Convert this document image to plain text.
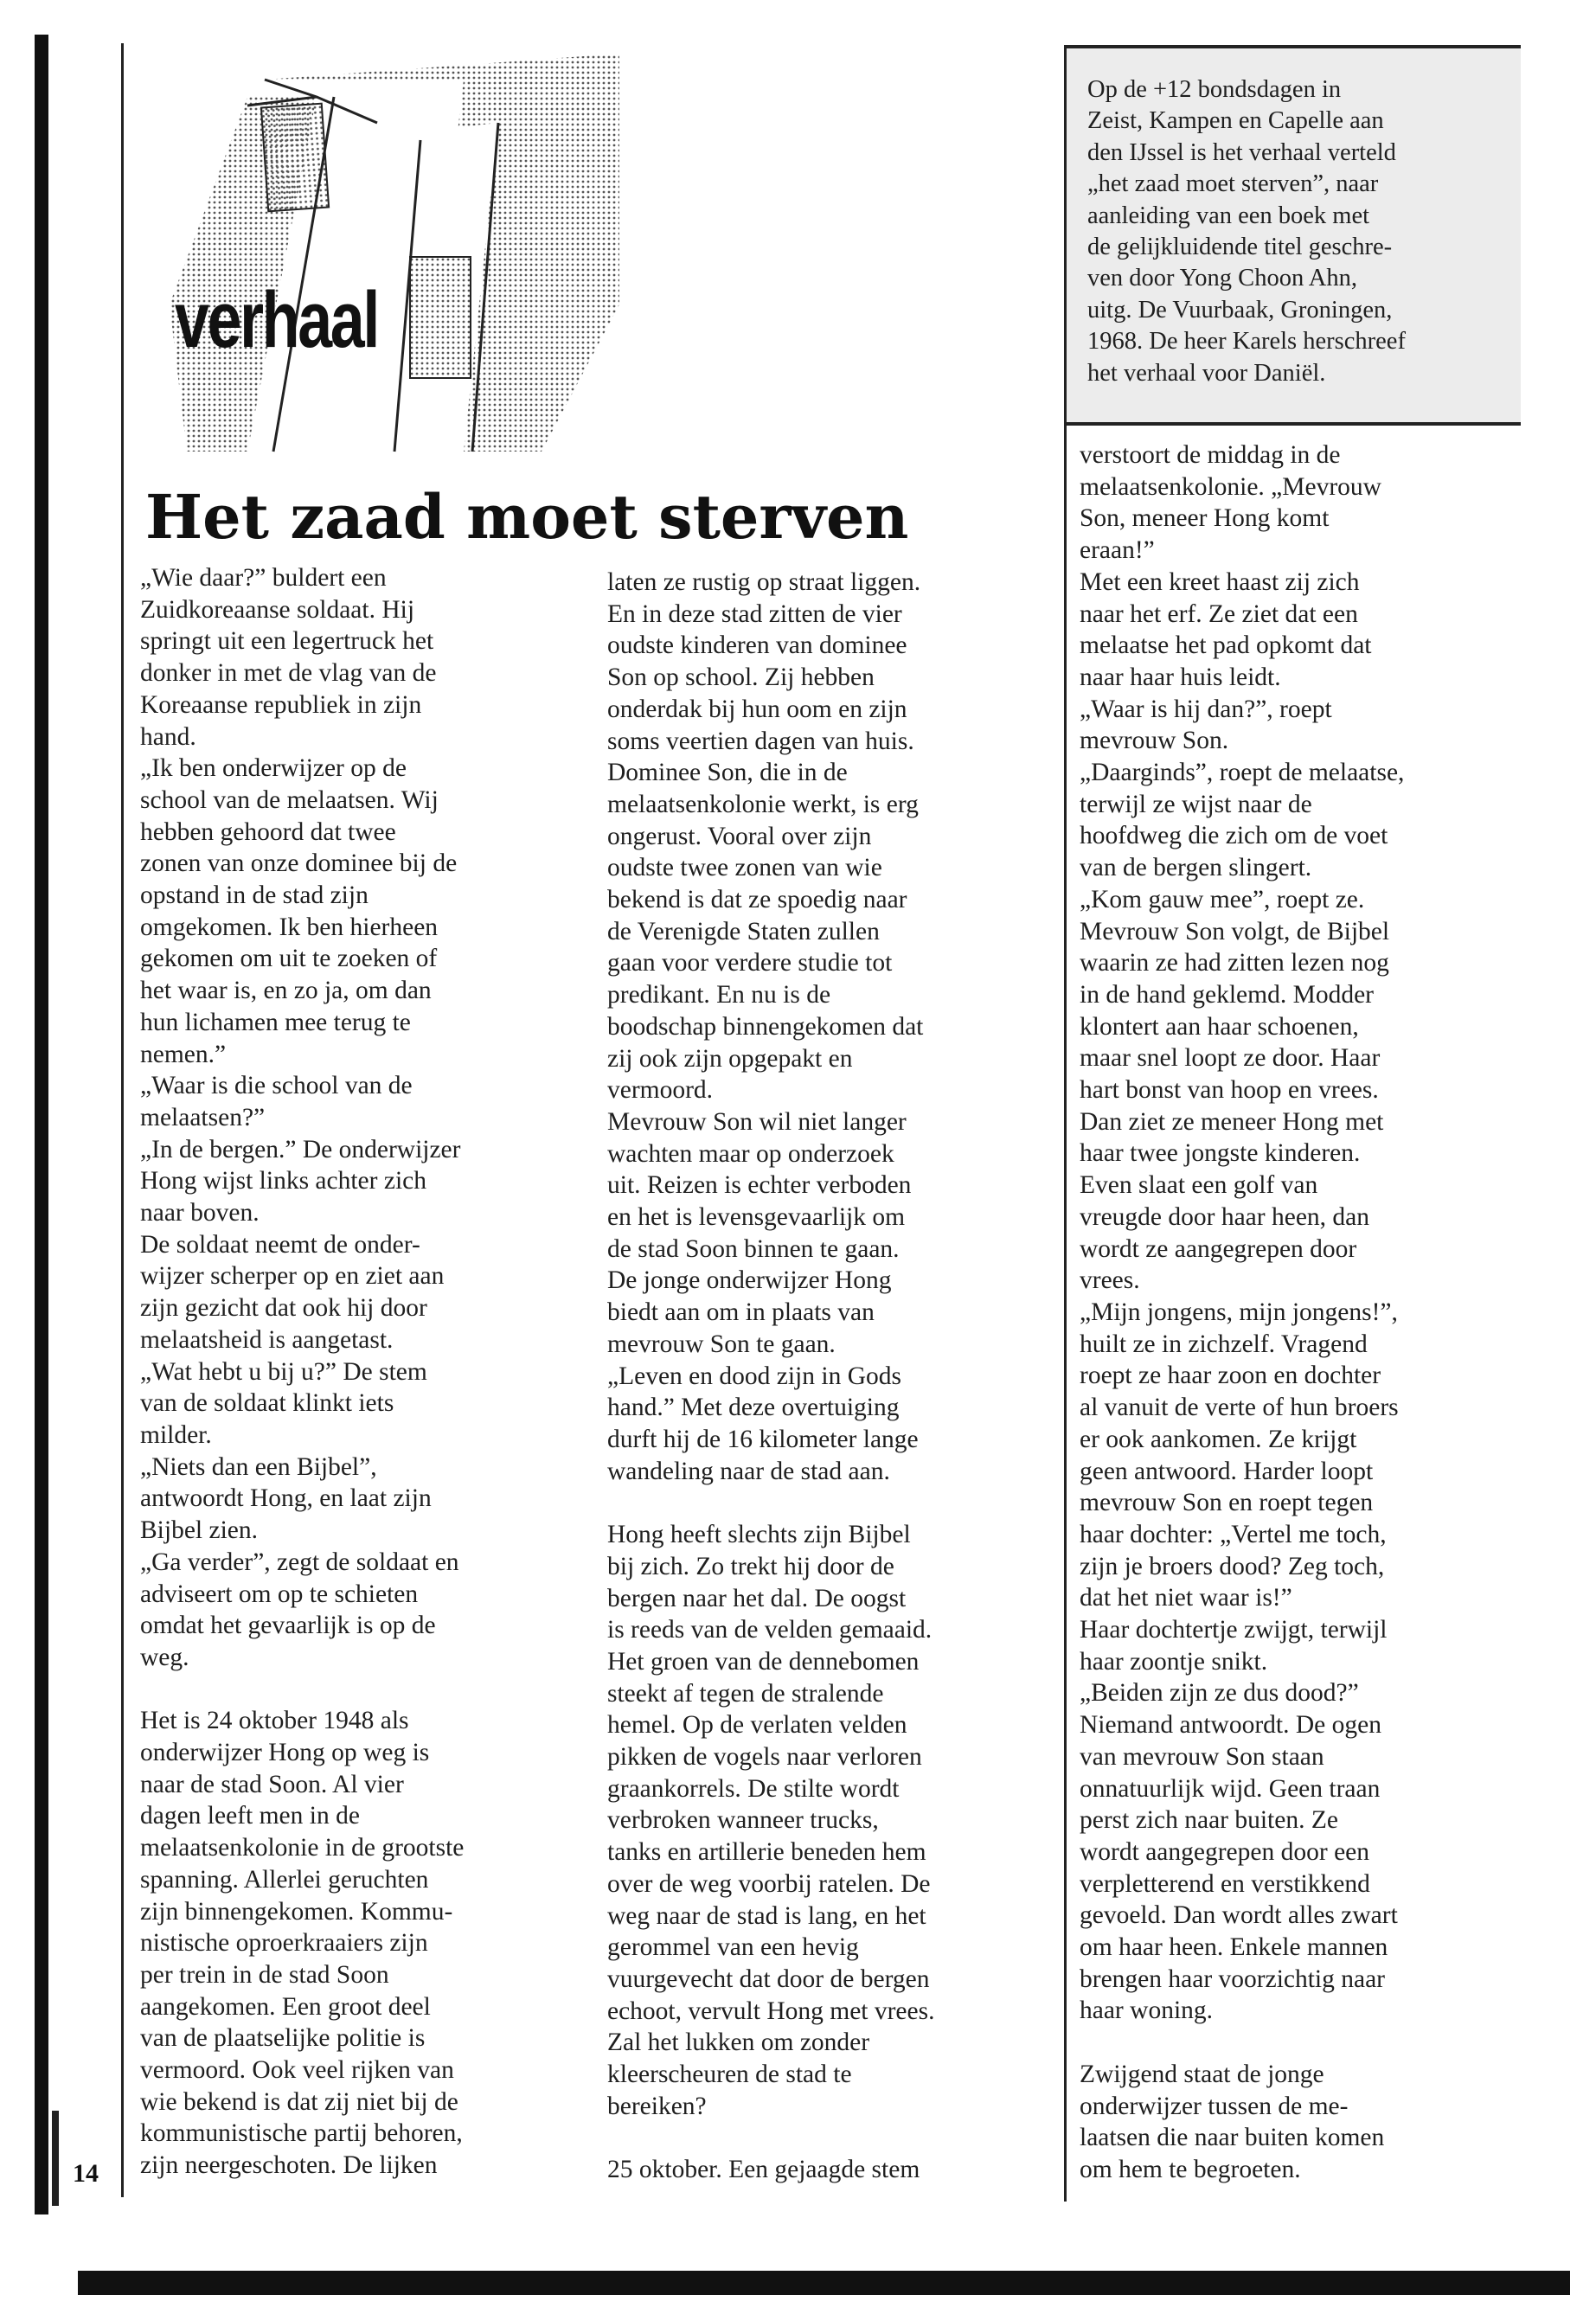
verhaal
Op de +12 bondsdagen in
Zeist, Kampen en Capelle aan
den IJssel is het verhaal verteld
„het zaad moet sterven”, naar
aanleiding van een boek met
de gelijkluidende titel geschre-
ven door Yong Choon Ahn,
uitg. De Vuurbaak, Groningen,
1968. De heer Karels herschreef
het verhaal voor Daniël.
Het zaad moet sterven
„Wie daar?” buldert een
Zuidkoreaanse soldaat. Hij
springt uit een legertruck het
donker in met de vlag van de
Koreaanse republiek in zijn
hand.
„Ik ben onderwijzer op de
school van de melaatsen. Wij
hebben gehoord dat twee
zonen van onze dominee bij de
opstand in de stad zijn
omgekomen. Ik ben hierheen
gekomen om uit te zoeken of
het waar is, en zo ja, om dan
hun lichamen mee terug te
nemen.”
„Waar is die school van de
melaatsen?”
„In de bergen.” De onderwijzer
Hong wijst links achter zich
naar boven.
De soldaat neemt de onder-
wijzer scherper op en ziet aan
zijn gezicht dat ook hij door
melaatsheid is aangetast.
„Wat hebt u bij u?” De stem
van de soldaat klinkt iets
milder.
„Niets dan een Bijbel”,
antwoordt Hong, en laat zijn
Bijbel zien.
„Ga verder”, zegt de soldaat en
adviseert om op te schieten
omdat het gevaarlijk is op de
weg.

Het is 24 oktober 1948 als
onderwijzer Hong op weg is
naar de stad Soon. Al vier
dagen leeft men in de
melaatsenkolonie in de grootste
spanning. Allerlei geruchten
zijn binnengekomen. Kommu-
nistische oproerkraaiers zijn
per trein in de stad Soon
aangekomen. Een groot deel
van de plaatselijke politie is
vermoord. Ook veel rijken van
wie bekend is dat zij niet bij de
kommunistische partij behoren,
zijn neergeschoten. De lijken
laten ze rustig op straat liggen.
En in deze stad zitten de vier
oudste kinderen van dominee
Son op school. Zij hebben
onderdak bij hun oom en zijn
soms veertien dagen van huis.
Dominee Son, die in de
melaatsenkolonie werkt, is erg
ongerust. Vooral over zijn
oudste twee zonen van wie
bekend is dat ze spoedig naar
de Verenigde Staten zullen
gaan voor verdere studie tot
predikant. En nu is de
boodschap binnengekomen dat
zij ook zijn opgepakt en
vermoord.
Mevrouw Son wil niet langer
wachten maar op onderzoek
uit. Reizen is echter verboden
en het is levensgevaarlijk om
de stad Soon binnen te gaan.
De jonge onderwijzer Hong
biedt aan om in plaats van
mevrouw Son te gaan.
„Leven en dood zijn in Gods
hand.” Met deze overtuiging
durft hij de 16 kilometer lange
wandeling naar de stad aan.

Hong heeft slechts zijn Bijbel
bij zich. Zo trekt hij door de
bergen naar het dal. De oogst
is reeds van de velden gemaaid.
Het groen van de dennebomen
steekt af tegen de stralende
hemel. Op de verlaten velden
pikken de vogels naar verloren
graankorrels. De stilte wordt
verbroken wanneer trucks,
tanks en artillerie beneden hem
over de weg voorbij ratelen. De
weg naar de stad is lang, en het
gerommel van een hevig
vuurgevecht dat door de bergen
echoot, vervult Hong met vrees.
Zal het lukken om zonder
kleerscheuren de stad te
bereiken?

25 oktober. Een gejaagde stem
verstoort de middag in de
melaatsenkolonie. „Mevrouw
Son, meneer Hong komt
eraan!”
Met een kreet haast zij zich
naar het erf. Ze ziet dat een
melaatse het pad opkomt dat
naar haar huis leidt.
„Waar is hij dan?”, roept
mevrouw Son.
„Daarginds”, roept de melaatse,
terwijl ze wijst naar de
hoofdweg die zich om de voet
van de bergen slingert.
„Kom gauw mee”, roept ze.
Mevrouw Son volgt, de Bijbel
waarin ze had zitten lezen nog
in de hand geklemd. Modder
klontert aan haar schoenen,
maar snel loopt ze door. Haar
hart bonst van hoop en vrees.
Dan ziet ze meneer Hong met
haar twee jongste kinderen.
Even slaat een golf van
vreugde door haar heen, dan
wordt ze aangegrepen door
vrees.
„Mijn jongens, mijn jongens!”,
huilt ze in zichzelf. Vragend
roept ze haar zoon en dochter
al vanuit de verte of hun broers
er ook aankomen. Ze krijgt
geen antwoord. Harder loopt
mevrouw Son en roept tegen
haar dochter: „Vertel me toch,
zijn je broers dood? Zeg toch,
dat het niet waar is!”
Haar dochtertje zwijgt, terwijl
haar zoontje snikt.
„Beiden zijn ze dus dood?”
Niemand antwoordt. De ogen
van mevrouw Son staan
onnatuurlijk wijd. Geen traan
perst zich naar buiten. Ze
wordt aangegrepen door een
verpletterend en verstikkend
gevoeld. Dan wordt alles zwart
om haar heen. Enkele mannen
brengen haar voorzichtig naar
haar woning.

Zwijgend staat de jonge
onderwijzer tussen de me-
laatsen die naar buiten komen
om hem te begroeten.
14
